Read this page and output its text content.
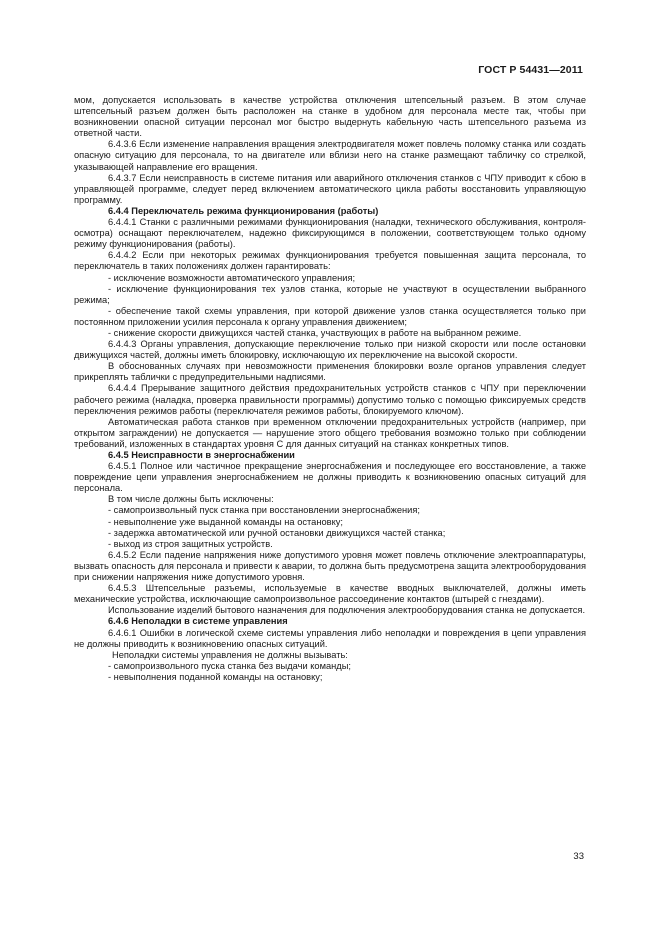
ГОСТ Р 54431—2011

мом, допускается использовать в качестве устройства отключения штепсельный разъем. В этом случае штепсельный разъем должен быть расположен на станке в удобном для персонала месте так, чтобы при возникновении опасной ситуации персонал мог быстро выдернуть кабельную часть штепсельного разъема из ответной части.

6.4.3.6 Если изменение направления вращения электродвигателя может повлечь поломку станка или создать опасную ситуацию для персонала, то на двигателе или вблизи него на станке размещают табличку со стрелкой, указывающей направление его вращения.

6.4.3.7 Если неисправность в системе питания или аварийного отключения станков с ЧПУ приводит к сбою в управляющей программе, следует перед включением автоматического цикла работы восстановить управляющую программу.

6.4.4 Переключатель режима функционирования (работы)

6.4.4.1 Станки с различными режимами функционирования (наладки, технического обслуживания, контроля-осмотра) оснащают переключателем, надежно фиксирующимся в положении, соответствующем только одному режиму функционирования (работы).

6.4.4.2 Если при некоторых режимах функционирования требуется повышенная защита персонала, то переключатель в таких положениях должен гарантировать:

- исключение возможности автоматического управления;

- исключение функционирования тех узлов станка, которые не участвуют в осуществлении выбранного режима;

- обеспечение такой схемы управления, при которой движение узлов станка осуществляется только при постоянном приложении усилия персонала к органу управления движением;

- снижение скорости движущихся частей станка, участвующих в работе на выбранном режиме.

6.4.4.3 Органы управления, допускающие переключение только при низкой скорости или после остановки движущихся частей, должны иметь блокировку, исключающую их переключение на высокой скорости.

В обоснованных случаях при невозможности применения блокировки возле органов управления следует прикреплять таблички с предупредительными надписями.

6.4.4.4 Прерывание защитного действия предохранительных устройств станков с ЧПУ при переключении рабочего режима (наладка, проверка правильности программы) допустимо только с помощью фиксируемых средств переключения режимов работы (переключателя режимов работы, блокируемого ключом).

Автоматическая работа станков при временном отключении предохранительных устройств (например, при открытом заграждении) не допускается — нарушение этого общего требования возможно только при соблюдении требований, изложенных в стандартах уровня С для данных ситуаций на станках конкретных типов.

6.4.5 Неисправности в энергоснабжении

6.4.5.1 Полное или частичное прекращение энергоснабжения и последующее его восстановление, а также повреждение цепи управления энергоснабжением не должны приводить к возникновению опасных ситуаций для персонала.

В том числе должны быть исключены:

- самопроизвольный пуск станка при восстановлении энергоснабжения;

- невыполнение уже выданной команды на остановку;

- задержка автоматической или ручной остановки движущихся частей станка;

- выход из строя защитных устройств.

6.4.5.2 Если падение напряжения ниже допустимого уровня может повлечь отключение электроаппаратуры, вызвать опасность для персонала и привести к аварии, то должна быть предусмотрена защита электрооборудования при снижении напряжения ниже допустимого уровня.

6.4.5.3 Штепсельные разъемы, используемые в качестве вводных выключателей, должны иметь механические устройства, исключающие самопроизвольное рассоединение контактов (штырей с гнездами).

Использование изделий бытового назначения для подключения электрооборудования станка не допускается.

6.4.6 Неполадки в системе управления

6.4.6.1 Ошибки в логической схеме системы управления либо неполадки и повреждения в цепи управления не должны приводить к возникновению опасных ситуаций.

Неполадки системы управления не должны вызывать:

- самопроизвольного пуска станка без выдачи команды;

- невыполнения поданной команды на остановку;

33
